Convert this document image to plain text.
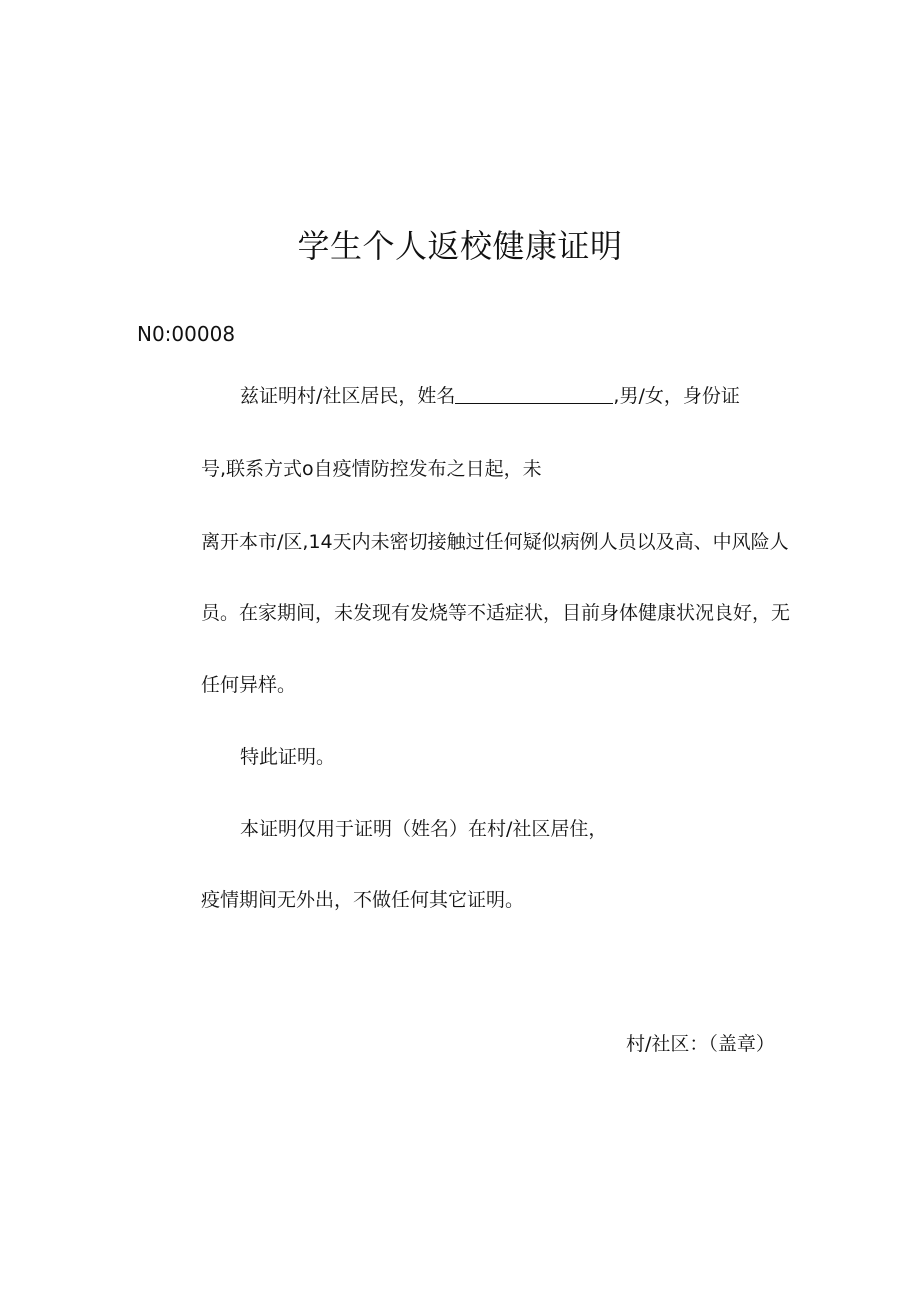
学生个人返校健康证明
N0:00008
兹证明村/社区居民，姓名	,男/女，身份证
号,联系方式o自疫情防控发布之日起，未
离开本市/区,14天内未密切接触过任何疑似病例人员以及高、中风险人
员。在家期间，未发现有发烧等不适症状，目前身体健康状况良好，无
任何异样。
特此证明。
本证明仅用于证明（姓名）在村/社区居住，
疫情期间无外出，不做任何其它证明。
村/社区：（盖章）
